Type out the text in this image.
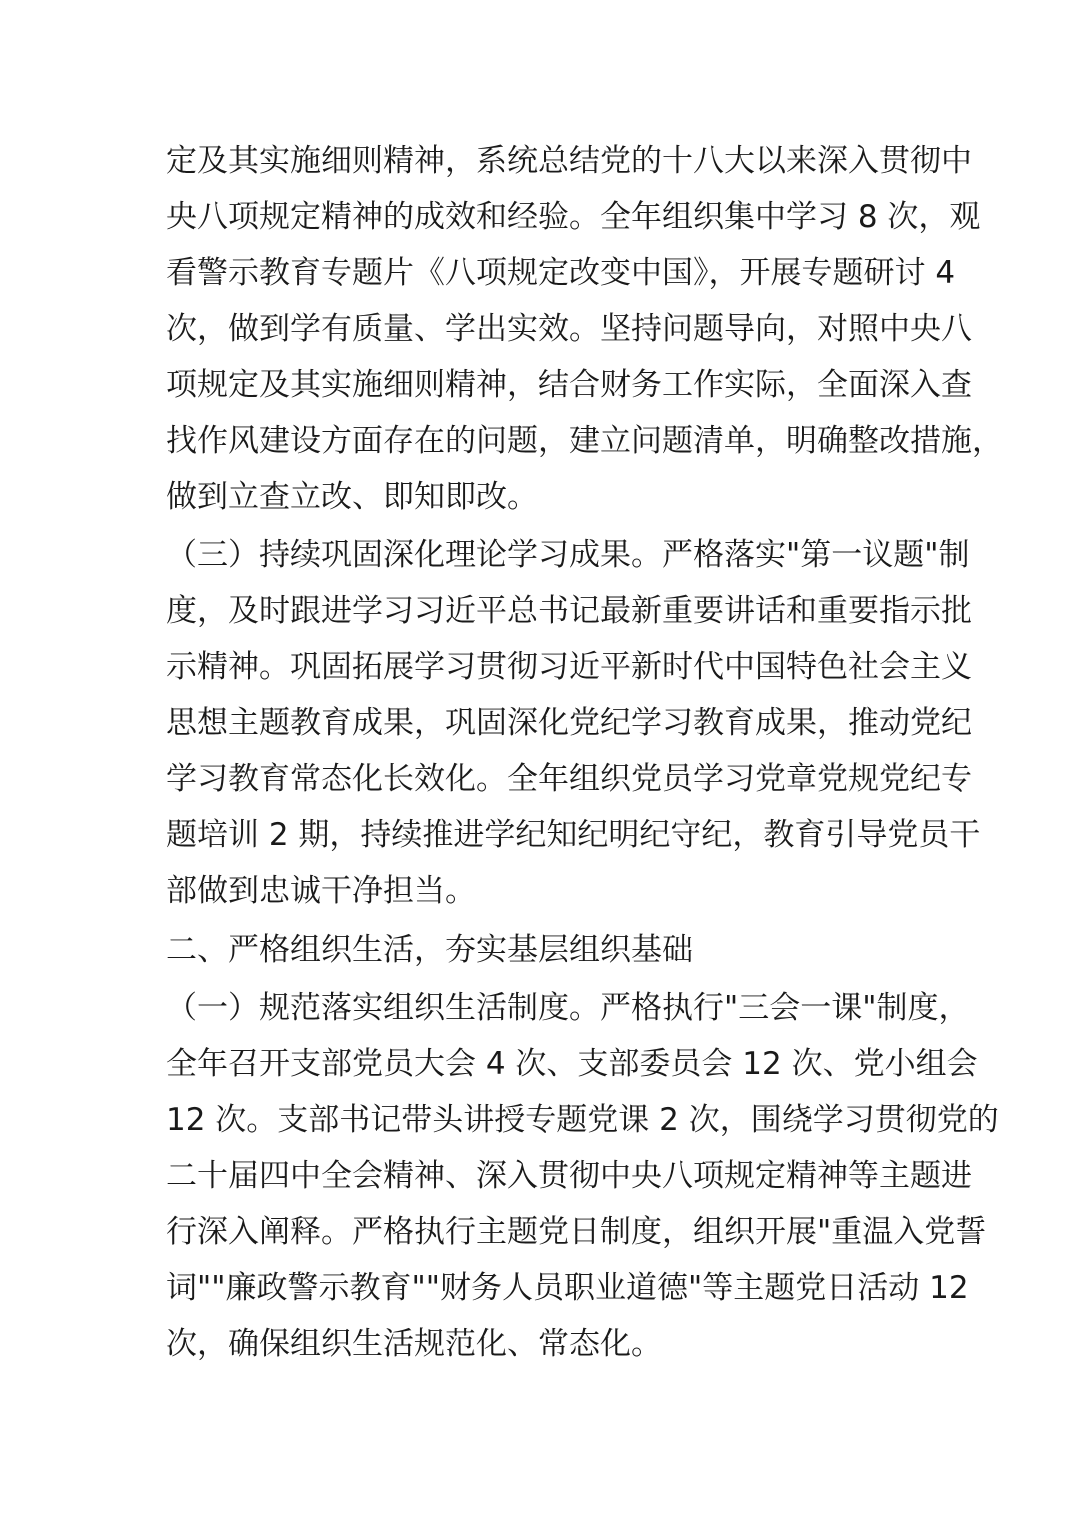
定及其实施细则精神，系统总结党的十八大以来深入贯彻中
央八项规定精神的成效和经验。全年组织集中学习 8 次，观
看警示教育专题片《八项规定改变中国》，开展专题研讨 4
次，做到学有质量、学出实效。坚持问题导向，对照中央八
项规定及其实施细则精神，结合财务工作实际，全面深入查
找作风建设方面存在的问题，建立问题清单，明确整改措施，
做到立查立改、即知即改。
（三）持续巩固深化理论学习成果。严格落实"第一议题"制
度，及时跟进学习习近平总书记最新重要讲话和重要指示批
示精神。巩固拓展学习贯彻习近平新时代中国特色社会主义
思想主题教育成果，巩固深化党纪学习教育成果，推动党纪
学习教育常态化长效化。全年组织党员学习党章党规党纪专
题培训 2 期，持续推进学纪知纪明纪守纪，教育引导党员干
部做到忠诚干净担当。
二、严格组织生活，夯实基层组织基础
（一）规范落实组织生活制度。严格执行"三会一课"制度，
全年召开支部党员大会 4 次、支部委员会 12 次、党小组会
12 次。支部书记带头讲授专题党课 2 次，围绕学习贯彻党的
二十届四中全会精神、深入贯彻中央八项规定精神等主题进
行深入阐释。严格执行主题党日制度，组织开展"重温入党誓
词""廉政警示教育""财务人员职业道德"等主题党日活动 12
次，确保组织生活规范化、常态化。
